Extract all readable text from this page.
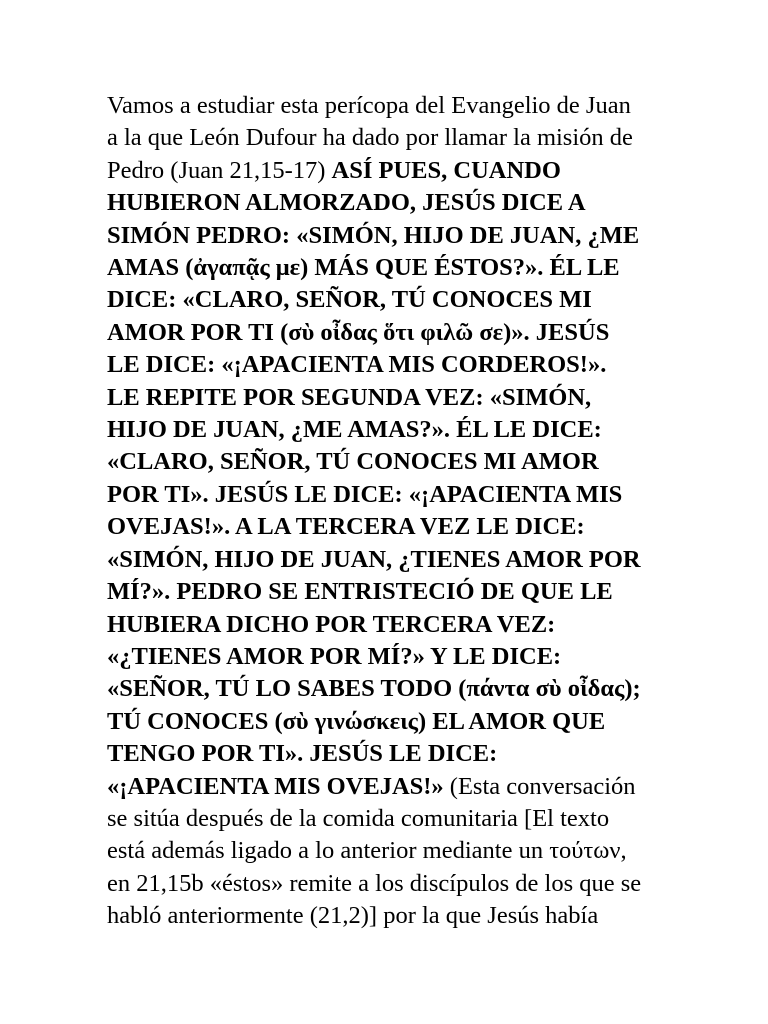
Vamos a estudiar esta perícopa del Evangelio de Juan
a la que León Dufour ha dado por llamar la misión de
Pedro (Juan 21,15-17) ASÍ PUES, CUANDO
HUBIERON ALMORZADO, JESÚS DICE A
SIMÓN PEDRO: «SIMÓN, HIJO DE JUAN, ¿ME
AMAS (ἀγαπᾷς με) MÁS QUE ÉSTOS?». ÉL LE
DICE: «CLARO, SEÑOR, TÚ CONOCES MI
AMOR POR TI (σὺ οἶδας ὅτι φιλῶ σε)». JESÚS
LE DICE: «¡APACIENTA MIS CORDEROS!».
LE REPITE POR SEGUNDA VEZ: «SIMÓN,
HIJO DE JUAN, ¿ME AMAS?». ÉL LE DICE:
«CLARO, SEÑOR, TÚ CONOCES MI AMOR
POR TI». JESÚS LE DICE: «¡APACIENTA MIS
OVEJAS!». A LA TERCERA VEZ LE DICE:
«SIMÓN, HIJO DE JUAN, ¿TIENES AMOR POR
MÍ?». PEDRO SE ENTRISTECIÓ DE QUE LE
HUBIERA DICHO POR TERCERA VEZ:
«¿TIENES AMOR POR MÍ?» Y LE DICE:
«SEÑOR, TÚ LO SABES TODO (πάντα σὺ οἶδας);
TÚ CONOCES (σὺ γινώσκεις) EL AMOR QUE
TENGO POR TI». JESÚS LE DICE:
«¡APACIENTA MIS OVEJAS!» (Esta conversación
se sitúa después de la comida comunitaria [El texto
está además ligado a lo anterior mediante un τούτων,
en 21,15b «éstos» remite a los discípulos de los que se
habló anteriormente (21,2)] por la que Jesús había
